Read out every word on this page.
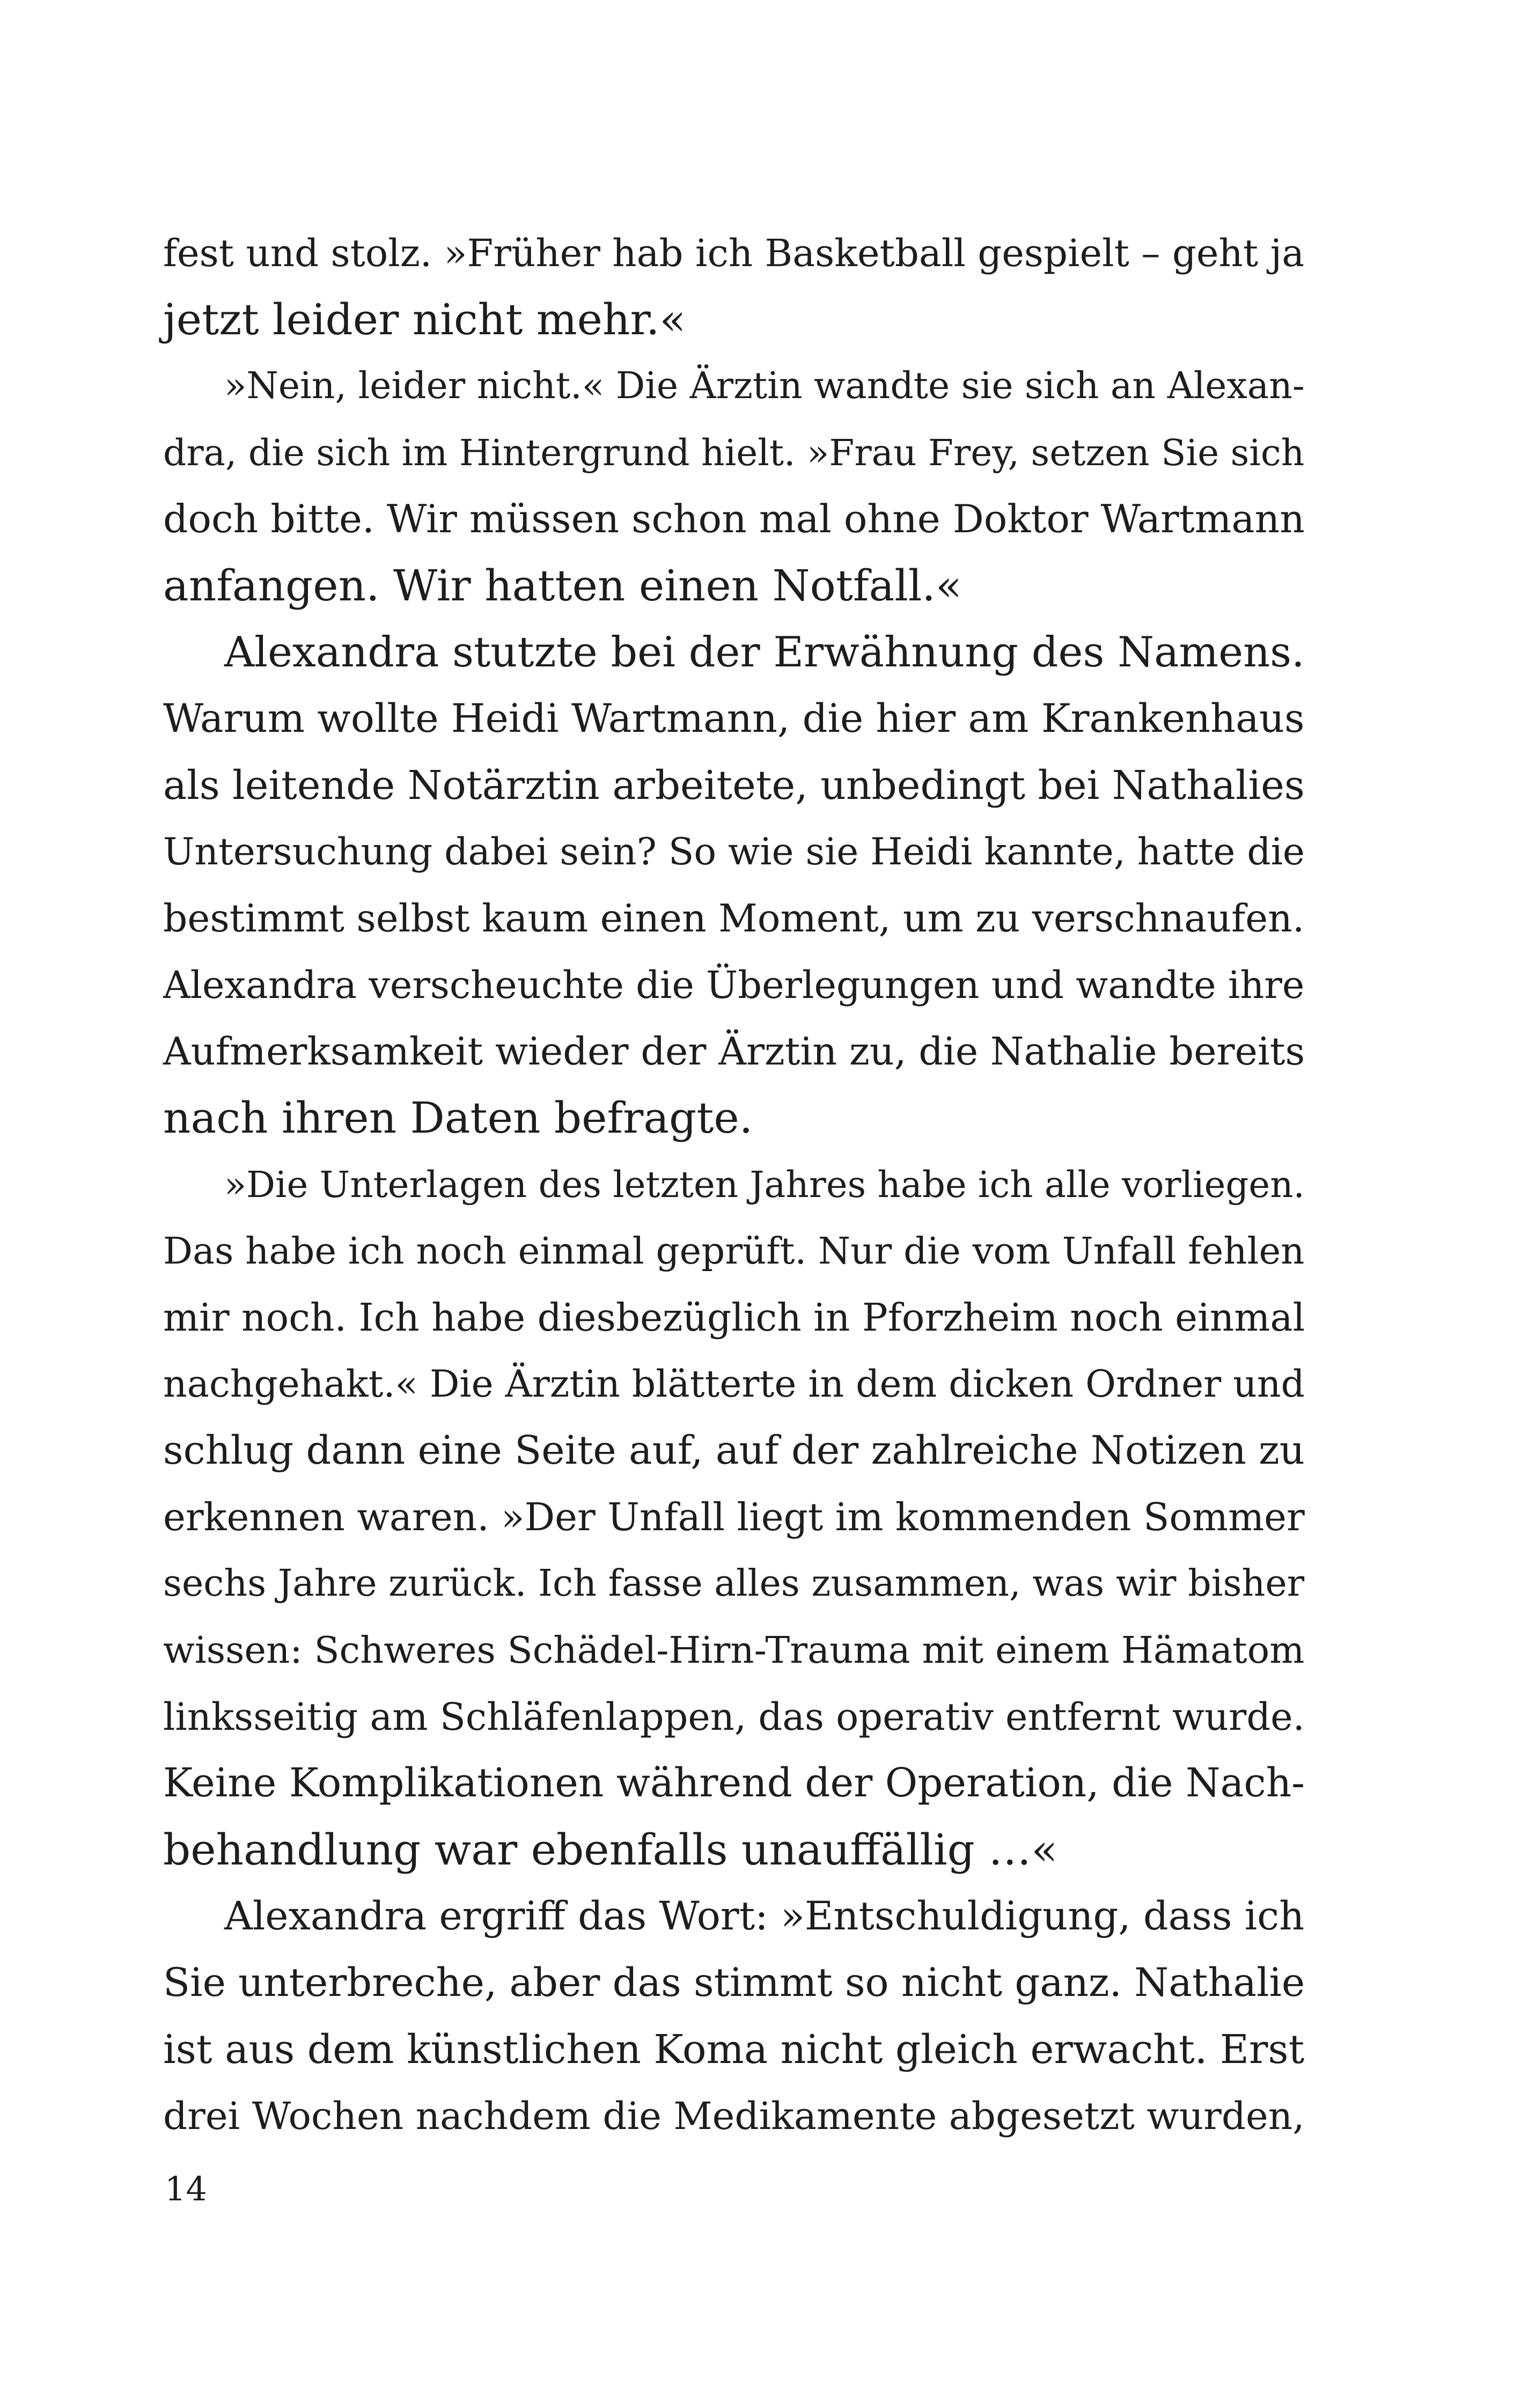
fest und stolz. »Früher hab ich Basketball gespielt – geht ja
jetzt leider nicht mehr.«
»Nein, leider nicht.« Die Ärztin wandte sie sich an Alexan-
dra, die sich im Hintergrund hielt. »Frau Frey, setzen Sie sich
doch bitte. Wir müssen schon mal ohne Doktor Wartmann
anfangen. Wir hatten einen Notfall.«
Alexandra stutzte bei der Erwähnung des Namens.
Warum wollte Heidi Wartmann, die hier am Krankenhaus
als leitende Notärztin arbeitete, unbedingt bei Nathalies
Untersuchung dabei sein? So wie sie Heidi kannte, hatte die
bestimmt selbst kaum einen Moment, um zu verschnaufen.
Alexandra verscheuchte die Überlegungen und wandte ihre
Aufmerksamkeit wieder der Ärztin zu, die Nathalie bereits
nach ihren Daten befragte.
»Die Unterlagen des letzten Jahres habe ich alle vorliegen.
Das habe ich noch einmal geprüft. Nur die vom Unfall fehlen
mir noch. Ich habe diesbezüglich in Pforzheim noch einmal
nachgehakt.« Die Ärztin blätterte in dem dicken Ordner und
schlug dann eine Seite auf, auf der zahlreiche Notizen zu
erkennen waren. »Der Unfall liegt im kommenden Sommer
sechs Jahre zurück. Ich fasse alles zusammen, was wir bisher
wissen: Schweres Schädel-Hirn-Trauma mit einem Hämatom
linksseitig am Schläfenlappen, das operativ entfernt wurde.
Keine Komplikationen während der Operation, die Nach-
behandlung war ebenfalls unauffällig …«
Alexandra ergriff das Wort: »Entschuldigung, dass ich
Sie unterbreche, aber das stimmt so nicht ganz. Nathalie
ist aus dem künstlichen Koma nicht gleich erwacht. Erst
drei Wochen nachdem die Medikamente abgesetzt wurden,
14
